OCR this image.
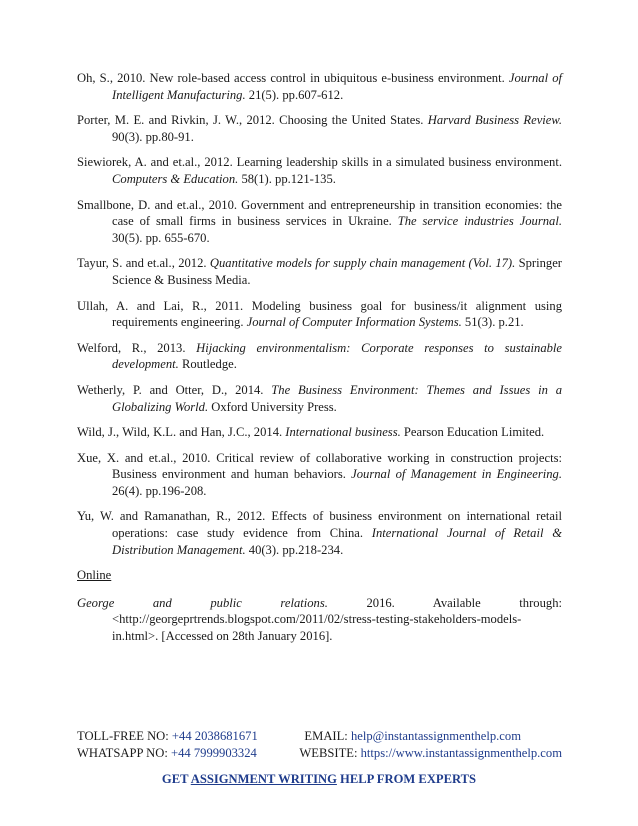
Oh, S., 2010. New role-based access control in ubiquitous e-business environment. Journal of Intelligent Manufacturing. 21(5). pp.607-612.

Porter, M. E. and Rivkin, J. W., 2012. Choosing the United States. Harvard Business Review. 90(3). pp.80-91.

Siewiorek, A. and et.al., 2012. Learning leadership skills in a simulated business environment. Computers & Education. 58(1). pp.121-135.

Smallbone, D. and et.al., 2010. Government and entrepreneurship in transition economies: the case of small firms in business services in Ukraine. The service industries Journal. 30(5). pp. 655-670.

Tayur, S. and et.al., 2012. Quantitative models for supply chain management (Vol. 17). Springer Science & Business Media.

Ullah, A. and Lai, R., 2011. Modeling business goal for business/it alignment using requirements engineering. Journal of Computer Information Systems. 51(3). p.21.

Welford, R., 2013. Hijacking environmentalism: Corporate responses to sustainable development. Routledge.

Wetherly, P. and Otter, D., 2014. The Business Environment: Themes and Issues in a Globalizing World. Oxford University Press.

Wild, J., Wild, K.L. and Han, J.C., 2014. International business. Pearson Education Limited.

Xue, X. and et.al., 2010. Critical review of collaborative working in construction projects: Business environment and human behaviors. Journal of Management in Engineering. 26(4). pp.196-208.

Yu, W. and Ramanathan, R., 2012. Effects of business environment on international retail operations: case study evidence from China. International Journal of Retail & Distribution Management. 40(3). pp.218-234.

Online

George and public relations. 2016. Available through:<http://georgeprtrends.blogspot.com/2011/02/stress-testing-stakeholders-models-in.html>. [Accessed on 28th January 2016].

TOLL-FREE NO: +44 2038681671	EMAIL: help@instantassignmenthelp.com
WHATSAPP NO: +44 7999903324	WEBSITE: https://www.instantassignmenthelp.com
GET ASSIGNMENT WRITING HELP FROM EXPERTS
